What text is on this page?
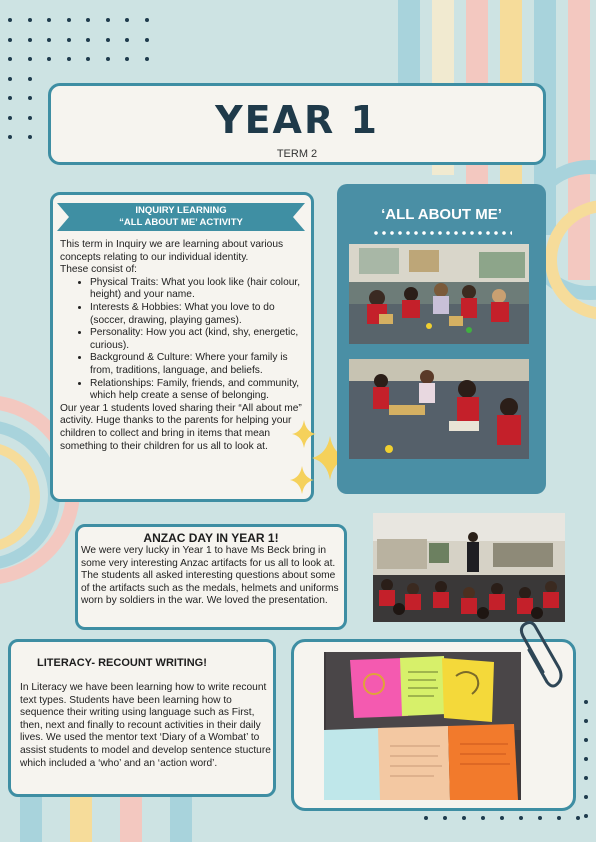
YEAR 1
TERM 2
INQUIRY LEARNING
“ALL ABOUT ME’ ACTIVITY
This term in Inquiry we are learning about various concepts relating to our individual identity.
These consist of:
• Physical Traits: What you look like (hair colour, height) and your name.
• Interests & Hobbies: What you love to do (soccer, drawing, playing games).
• Personality: How you act (kind, shy, energetic, curious).
• Background & Culture: Where your family is from, traditions, language, and beliefs.
• Relationships: Family, friends, and community, which help create a sense of belonging.
Our year 1 students loved sharing their “All about me” activity. Huge thanks to the parents for helping your children to collect and bring in items that mean something to their children for us all to look at.
‘ALL ABOUT ME’
ANZAC DAY IN YEAR 1!
We were very lucky in Year 1 to have Ms Beck bring in some very interesting Anzac artifacts for us all to look at. The students all asked interesting questions about some of the artifacts such as the medals, helmets and uniforms worn by soldiers in the war. We loved the presentation.
LITERACY- RECOUNT WRITING!
In Literacy we have been learning how to write recount text types. Students have been learning how to sequence their writing using language such as First, then, next and finally to recount activities in their daily lives. We used the mentor text ‘Diary of a Wombat’ to assist students to model and develop sentence stucture which included a ‘who’ and an ‘action word’.
